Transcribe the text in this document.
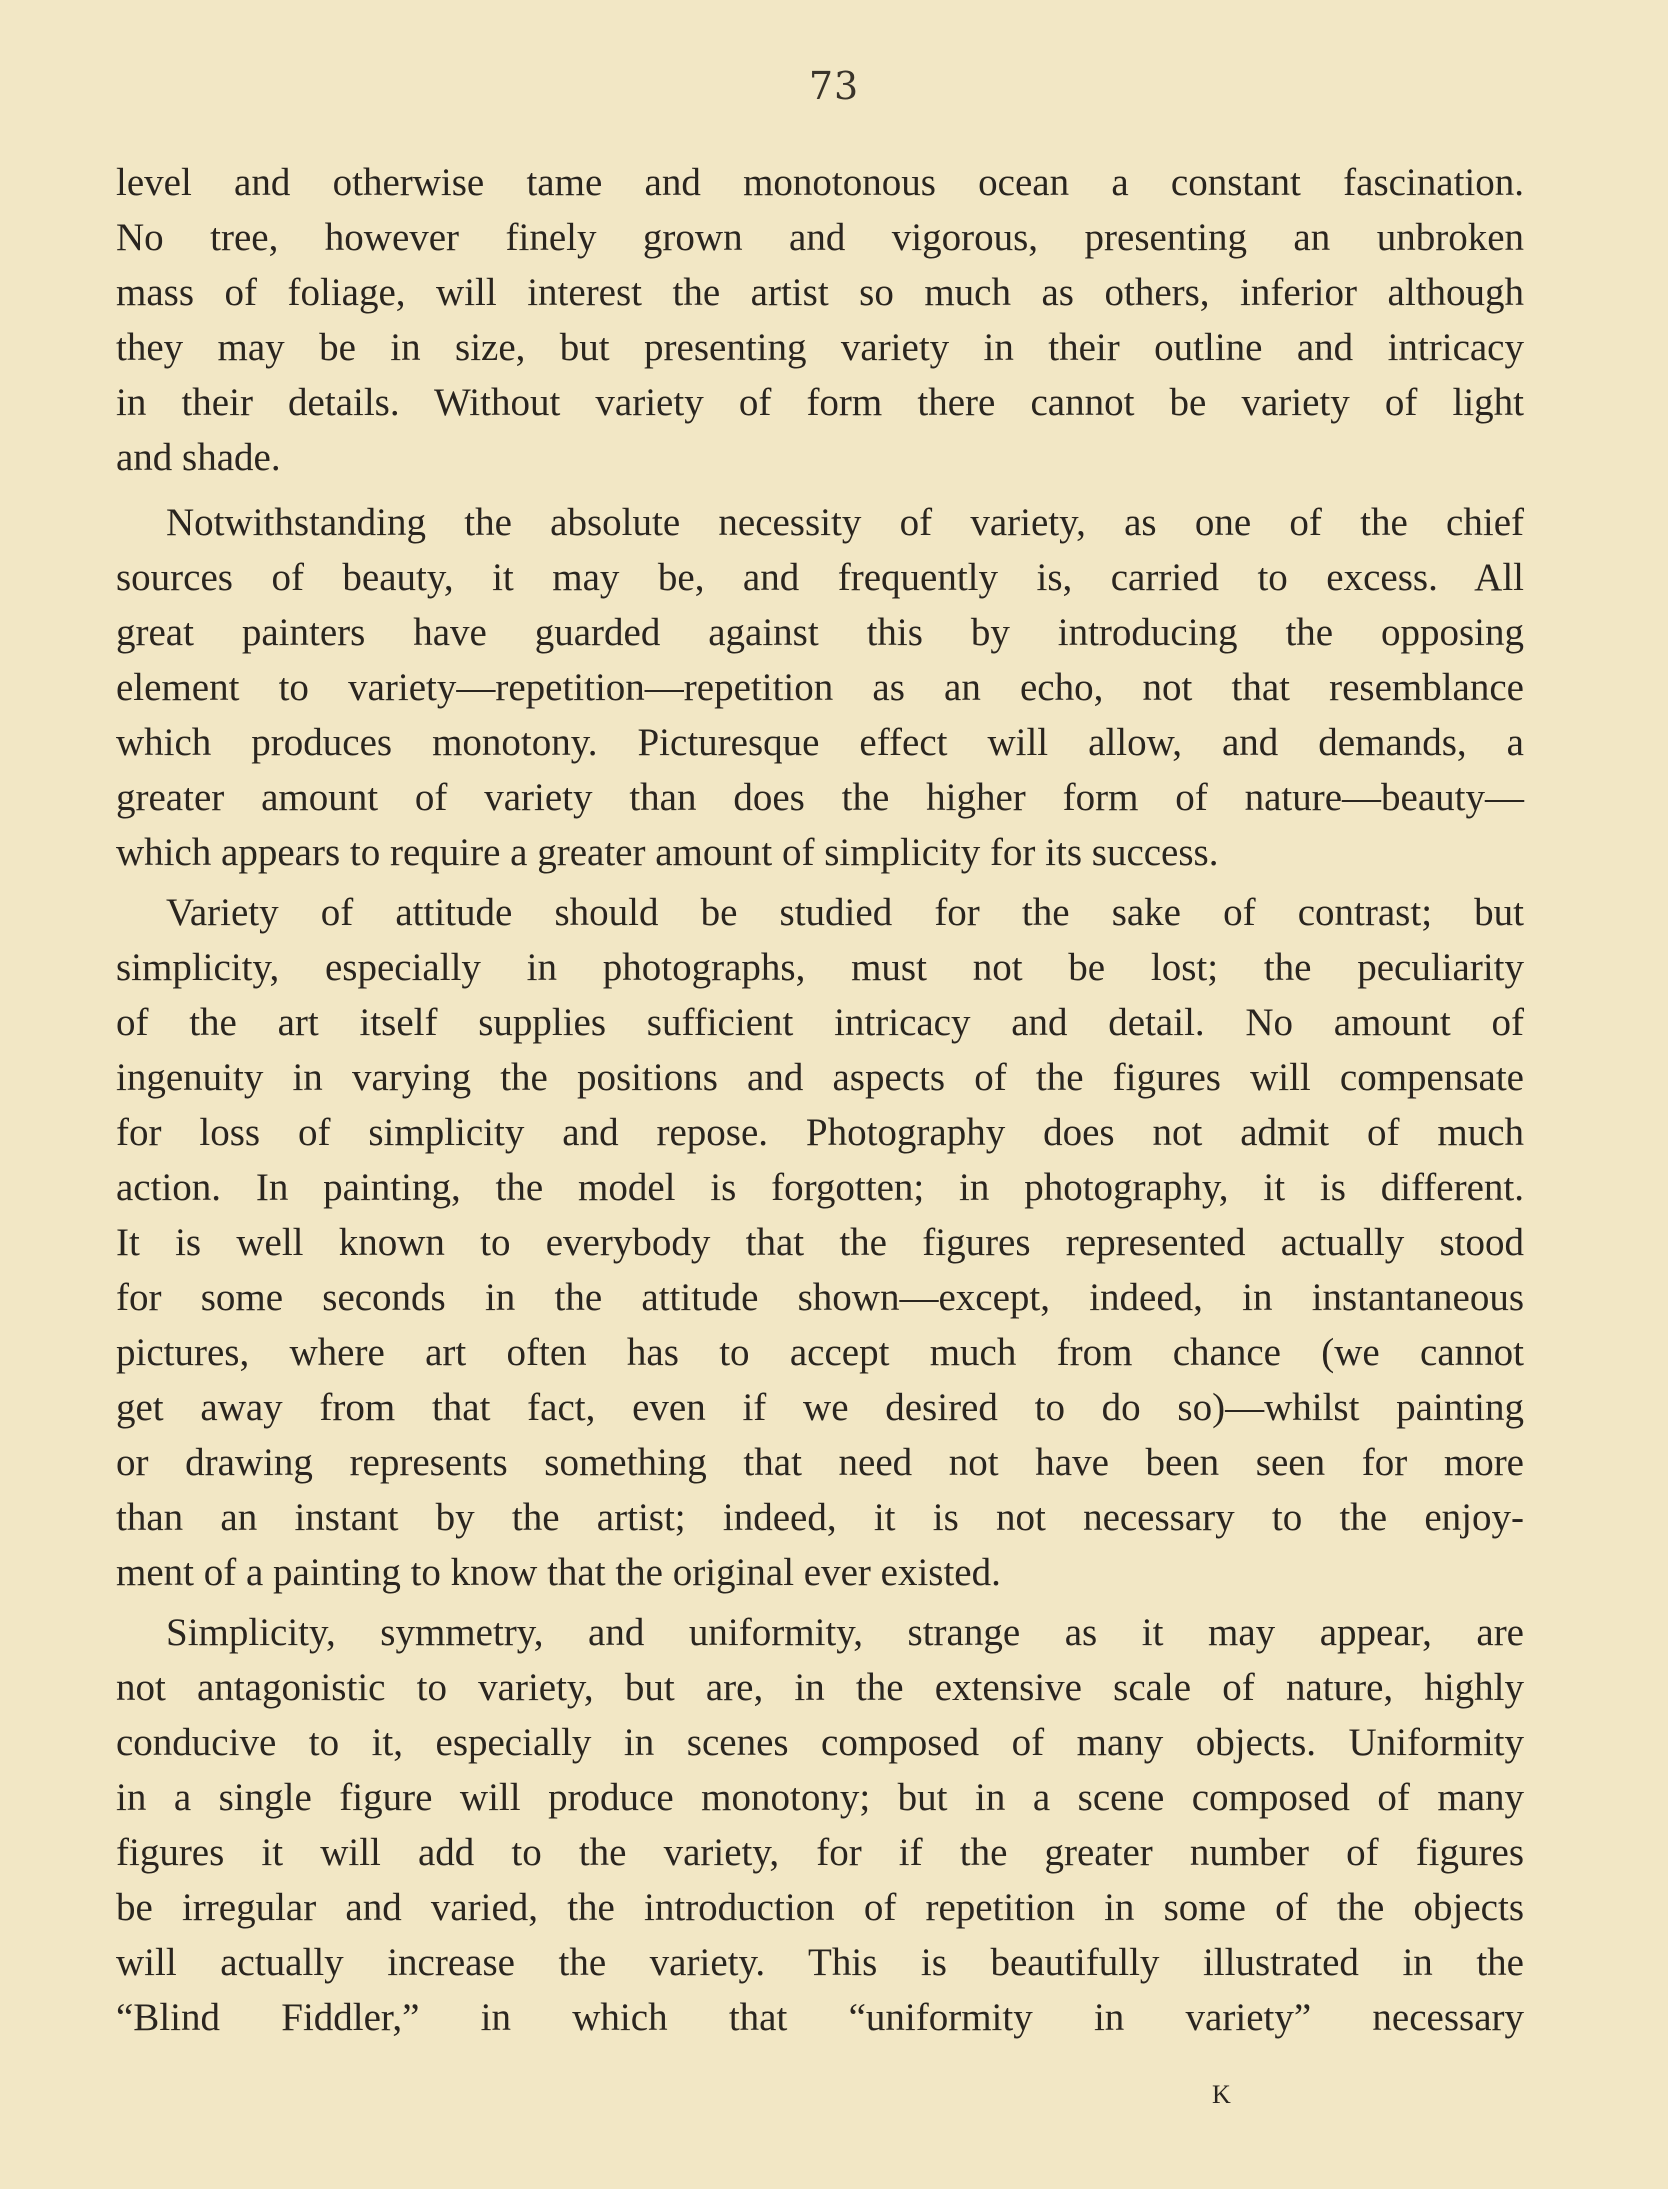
73
level and otherwise tame and monotonous ocean a constant fascination.
No tree, however finely grown and vigorous, presenting an unbroken
mass of foliage, will interest the artist so much as others, inferior although
they may be in size, but presenting variety in their outline and intricacy
in their details. Without variety of form there cannot be variety of light
and shade.
Notwithstanding the absolute necessity of variety, as one of the chief
sources of beauty, it may be, and frequently is, carried to excess. All
great painters have guarded against this by introducing the opposing
element to variety—repetition—repetition as an echo, not that resemblance
which produces monotony. Picturesque effect will allow, and demands, a
greater amount of variety than does the higher form of nature—beauty—
which appears to require a greater amount of simplicity for its success.
Variety of attitude should be studied for the sake of contrast; but
simplicity, especially in photographs, must not be lost; the peculiarity
of the art itself supplies sufficient intricacy and detail. No amount of
ingenuity in varying the positions and aspects of the figures will compensate
for loss of simplicity and repose. Photography does not admit of much
action. In painting, the model is forgotten; in photography, it is different.
It is well known to everybody that the figures represented actually stood
for some seconds in the attitude shown—except, indeed, in instantaneous
pictures, where art often has to accept much from chance (we cannot
get away from that fact, even if we desired to do so)—whilst painting
or drawing represents something that need not have been seen for more
than an instant by the artist; indeed, it is not necessary to the enjoy-
ment of a painting to know that the original ever existed.
Simplicity, symmetry, and uniformity, strange as it may appear, are
not antagonistic to variety, but are, in the extensive scale of nature, highly
conducive to it, especially in scenes composed of many objects. Uniformity
in a single figure will produce monotony; but in a scene composed of many
figures it will add to the variety, for if the greater number of figures
be irregular and varied, the introduction of repetition in some of the objects
will actually increase the variety. This is beautifully illustrated in the
“Blind Fiddler,” in which that “uniformity in variety” necessary
K
